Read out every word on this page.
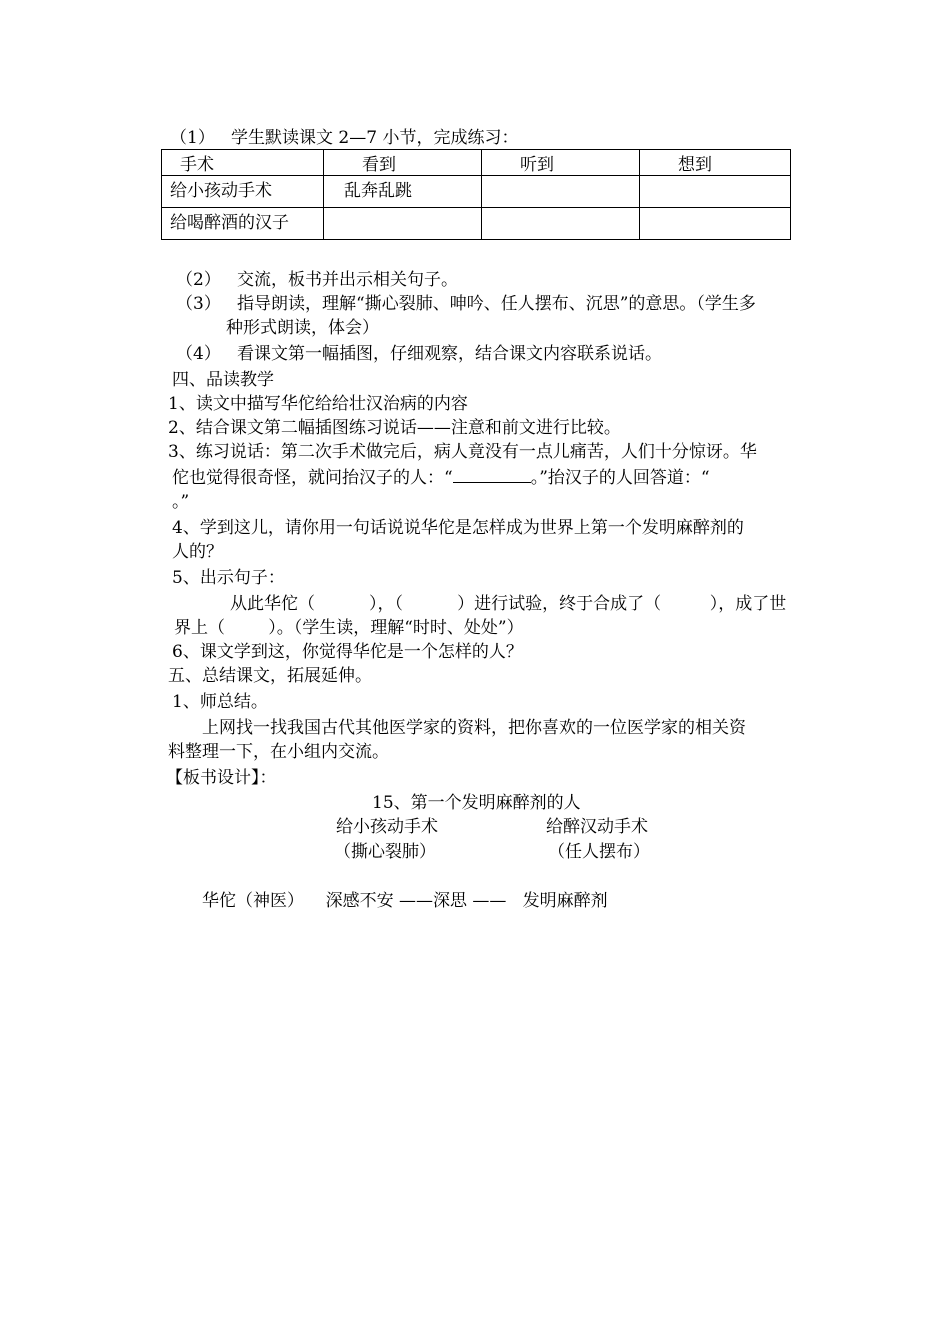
（1）   学生默读课文 2—7 小节，完成练习：
手术	看到	听到	想到
给小孩动手术	乱奔乱跳		
给喝醉酒的汉子			
（2）   交流，板书并出示相关句子。
（3）   指导朗读，理解“撕心裂肺、呻吟、任人摆布、沉思”的意思。（学生多
种形式朗读，体会）
（4）   看课文第一幅插图，仔细观察，结合课文内容联系说话。
四、品读教学
1、读文中描写华佗给给壮汉治病的内容
2、结合课文第二幅插图练习说话——注意和前文进行比较。
3、练习说话：第二次手术做完后，病人竟没有一点儿痛苦，人们十分惊讶。华
佗也觉得很奇怪，就问抬汉子的人：“	。”抬汉子的人回答道：“
。”
4、学到这儿，请你用一句话说说华佗是怎样成为世界上第一个发明麻醉剂的
人的？
5、出示句子：
从此华佗（          ），（          ）进行试验，终于合成了（         ），成了世
界上（        ）。（学生读，理解“时时、处处”）
6、课文学到这，你觉得华佗是一个怎样的人？
五、总结课文，拓展延伸。
1、师总结。
上网找一找我国古代其他医学家的资料，把你喜欢的一位医学家的相关资
料整理一下，在小组内交流。
【板书设计】：
15、第一个发明麻醉剂的人
给小孩动手术	给醉汉动手术
（撕心裂肺）	（任人摆布）
华佗（神医）    深感不安 ——深思 ——   发明麻醉剂
